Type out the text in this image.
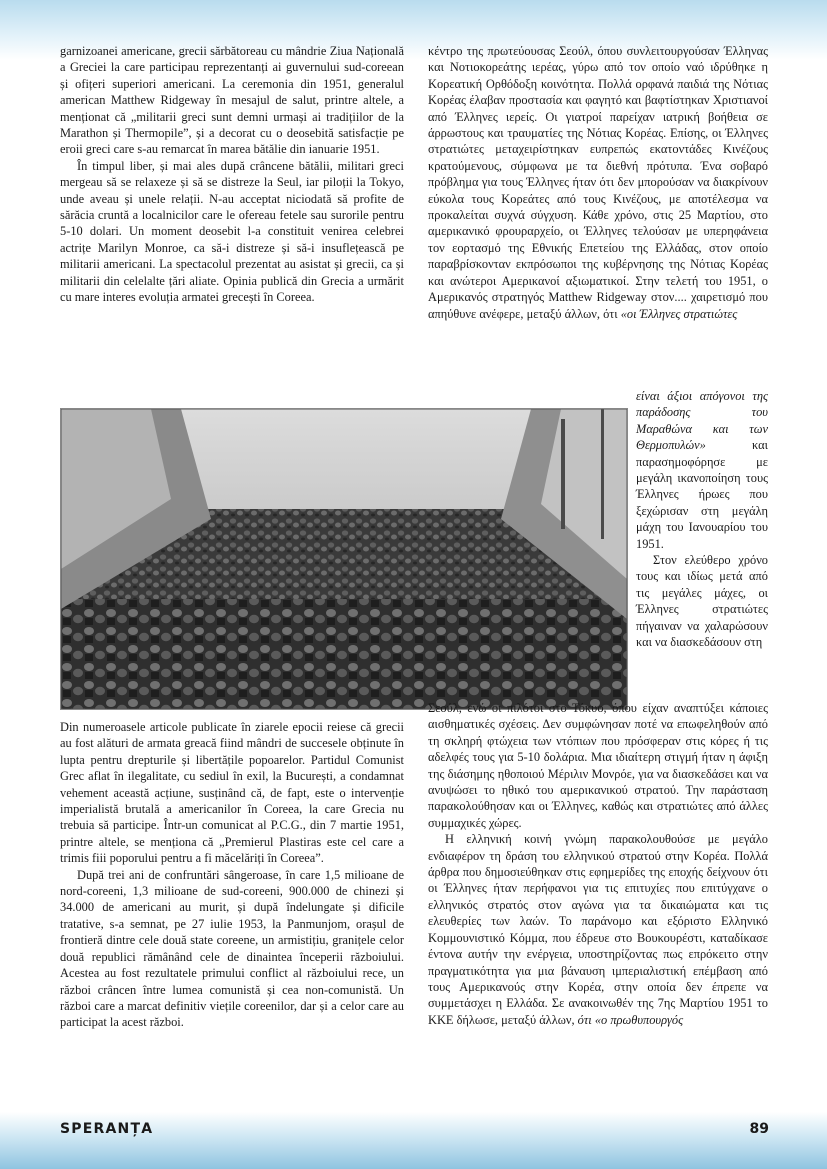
garnizoanei americane, grecii sărbătoreau cu mândrie Ziua Națională a Greciei la care participau reprezentanți ai guvernului sud-coreean și ofițeri superiori americani. La ceremonia din 1951, generalul american Matthew Ridgeway în mesajul de salut, printre altele, a menționat că „militarii greci sunt demni urmași ai tradițiilor de la Marathon și Thermopile”, și a decorat cu o deosebită satisfacție pe eroii greci care s-au remarcat în marea bătălie din ianuarie 1951.

În timpul liber, și mai ales după crâncene bătălii, militari greci mergeau să se relaxeze și să se distreze la Seul, iar piloții la Tokyo, unde aveau și unele relații. N-au acceptat niciodată să profite de sărăcia cruntă a localnicilor care le ofereau fetele sau surorile pentru 5-10 dolari. Un moment deosebit l-a constituit venirea celebrei actrițe Marilyn Monroe, ca să-i distreze și să-i insuflețească pe militarii americani. La spectacolul prezentat au asistat și grecii, ca și militarii din celelalte țări aliate. Opinia publică din Grecia a urmărit cu mare interes evoluția armatei grecești în Coreea.

Din numeroasele articole publicate în ziarele epocii reiese că grecii au fost alături de armata greacă fiind mândri de succesele obținute în lupta pentru drepturile și libertățile popoarelor. Partidul Comunist Grec aflat în ilegalitate, cu sediul în exil, la București, a condamnat vehement această acțiune, susținând că, de fapt, este o intervenție imperialistă brutală a americanilor în Coreea, la care Grecia nu trebuia să participe. Într-un comunicat al P.C.G., din 7 martie 1951, printre altele, se menționa că „Premierul Plastiras este cel care a trimis fiii poporului pentru a fi măcelăriți în Coreea”.

După trei ani de confruntări sângeroase, în care 1,5 milioane de nord-coreeni, 1,3 milioane de sud-coreeni, 900.000 de chinezi și 34.000 de americani au murit, și după îndelungate și dificile tratative, s-a semnat, pe 27 iulie 1953, la Panmunjom, orașul de frontieră dintre cele două state coreene, un armistițiu, granițele celor două republici rămânând cele de dinaintea începerii războiului. Acestea au fost rezultatele primului conflict al războiului rece, un război crâncen între lumea comunistă și cea non-comunistă. Un război care a marcat definitiv viețile coreenilor, dar și a celor care au participat la acest război.

κέντρο της πρωτεύουσας Σεούλ, όπου συνλειτουργούσαν Έλληνας και Νοτιοκορεάτης ιερέας, γύρω από τον οποίο ναό ιδρύθηκε η Κορεατική Ορθόδοξη κοινότητα. Πολλά ορφανά παιδιά της Νότιας Κορέας έλαβαν προστασία και φαγητό και βαφτίστηκαν Χριστιανοί από Έλληνες ιερείς. Οι γιατροί παρείχαν ιατρική βοήθεια σε άρρωστους και τραυματίες της Νότιας Κορέας. Επίσης, οι Έλληνες στρατιώτες μεταχειρίστηκαν ευπρεπώς εκατοντάδες Κινέζους κρατούμενους, σύμφωνα με τα διεθνή πρότυπα. Ένα σοβαρό πρόβλημα για τους Έλληνες ήταν ότι δεν μπορούσαν να διακρίνουν εύκολα τους Κορεάτες από τους Κινέζους, με αποτέλεσμα να προκαλείται συχνά σύγχυση. Κάθε χρόνο, στις 25 Μαρτίου, στο αμερικανικό φρουραρχείο, οι Έλληνες τελούσαν με υπερηφάνεια τον εορτασμό της Εθνικής Επετείου της Ελλάδας, στον οποίο παραβρίσκονταν εκπρόσωποι της κυβέρνησης της Νότιας Κορέας και ανώτεροι Αμερικανοί αξιωματικοί. Στην τελετή του 1951, ο Αμερικανός στρατηγός Matthew Ridgeway στον.... χαιρετισμό που απηύθυνε ανέφερε, μεταξύ άλλων, ότι «οι Έλληνες στρατιώτες

είναι άξιοι απόγονοι της παράδοσης του Μαραθώνα και των Θερμοπυλών»	και παρασημοφόρησε με μεγάλη ικανοποίηση τους Έλληνες ήρωες που ξεχώρισαν στη μεγάλη μάχη του Ιανουαρίου του 1951.

Στον ελεύθερο χρόνο τους και ιδίως μετά από τις μεγάλες μάχες, οι Έλληνες στρατιώτες πήγαιναν να χαλαρώσουν και να διασκεδάσουν στη

Σεούλ, ενώ οι πιλότοι στο Τόκυο, όπου είχαν αναπτύξει κάποιες αισθηματικές σχέσεις. Δεν συμφώνησαν ποτέ να επωφεληθούν από τη σκληρή φτώχεια των ντόπιων που πρόσφεραν στις κόρες ή τις αδελφές τους για 5-10 δολάρια. Μια ιδιαίτερη στιγμή ήταν η άφιξη της διάσημης ηθοποιού Μέριλιν Μονρόε, για να διασκεδάσει και να ανυψώσει το ηθικό του αμερικανικού στρατού. Την παράσταση παρακολούθησαν και οι Έλληνες, καθώς και στρατιώτες από άλλες συμμαχικές χώρες.

Η ελληνική κοινή γνώμη παρακολουθούσε με μεγάλο ενδιαφέρον τη δράση του ελληνικού στρατού στην Κορέα. Πολλά άρθρα που δημοσιεύθηκαν στις εφημερίδες της εποχής δείχνουν ότι οι Έλληνες ήταν περήφανοι για τις επιτυχίες που επιτύγχανε ο ελληνικός στρατός στον αγώνα για τα δικαιώματα και τις ελευθερίες των λαών. Το παράνομο και εξόριστο Ελληνικό Κομμουνιστικό Κόμμα, που έδρευε στο Βουκουρέστι, καταδίκασε έντονα αυτήν την ενέργεια, υποστηρίζοντας πως επρόκειτο στην πραγματικότητα για μια βάναυση ιμπεριαλιστική επέμβαση από τους Αμερικανούς στην Κορέα, στην οποία δεν έπρεπε να συμμετάσχει η Ελλάδα. Σε ανακοινωθέν της 7ης Μαρτίου 1951 το ΚΚΕ δήλωσε, μεταξύ άλλων, ότι «ο πρωθυπουργός

SPERANȚA	89
